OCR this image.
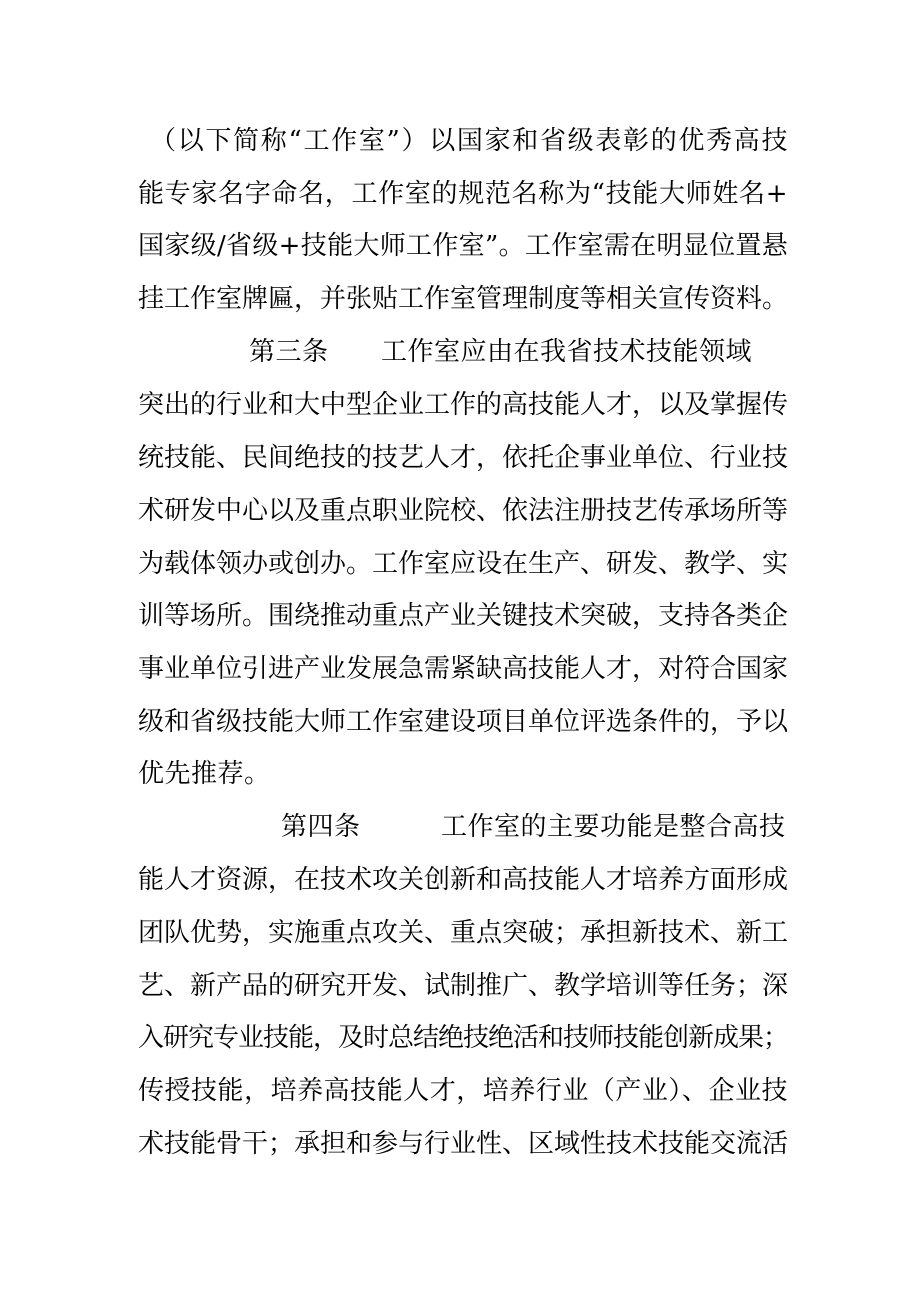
（以下简称“工作室”）以国家和省级表彰的优秀高技
能专家名字命名，工作室的规范名称为“技能大师姓名+
国家级/省级+技能大师工作室”。工作室需在明显位置悬
挂工作室牌匾，并张贴工作室管理制度等相关宣传资料。
第三条 工作室应由在我省技术技能领域
突出的行业和大中型企业工作的高技能人才，以及掌握传
统技能、民间绝技的技艺人才，依托企事业单位、行业技
术研发中心以及重点职业院校、依法注册技艺传承场所等
为载体领办或创办。工作室应设在生产、研发、教学、实
训等场所。围绕推动重点产业关键技术突破，支持各类企
事业单位引进产业发展急需紧缺高技能人才，对符合国家
级和省级技能大师工作室建设项目单位评选条件的，予以
优先推荐。
第四条	工作室的主要功能是整合高技
能人才资源，在技术攻关创新和高技能人才培养方面形成
团队优势，实施重点攻关、重点突破；承担新技术、新工
艺、新产品的研究开发、试制推广、教学培训等任务；深
入研究专业技能，及时总结绝技绝活和技师技能创新成果；
传授技能，培养高技能人才，培养行业（产业）、企业技
术技能骨干；承担和参与行业性、区域性技术技能交流活
